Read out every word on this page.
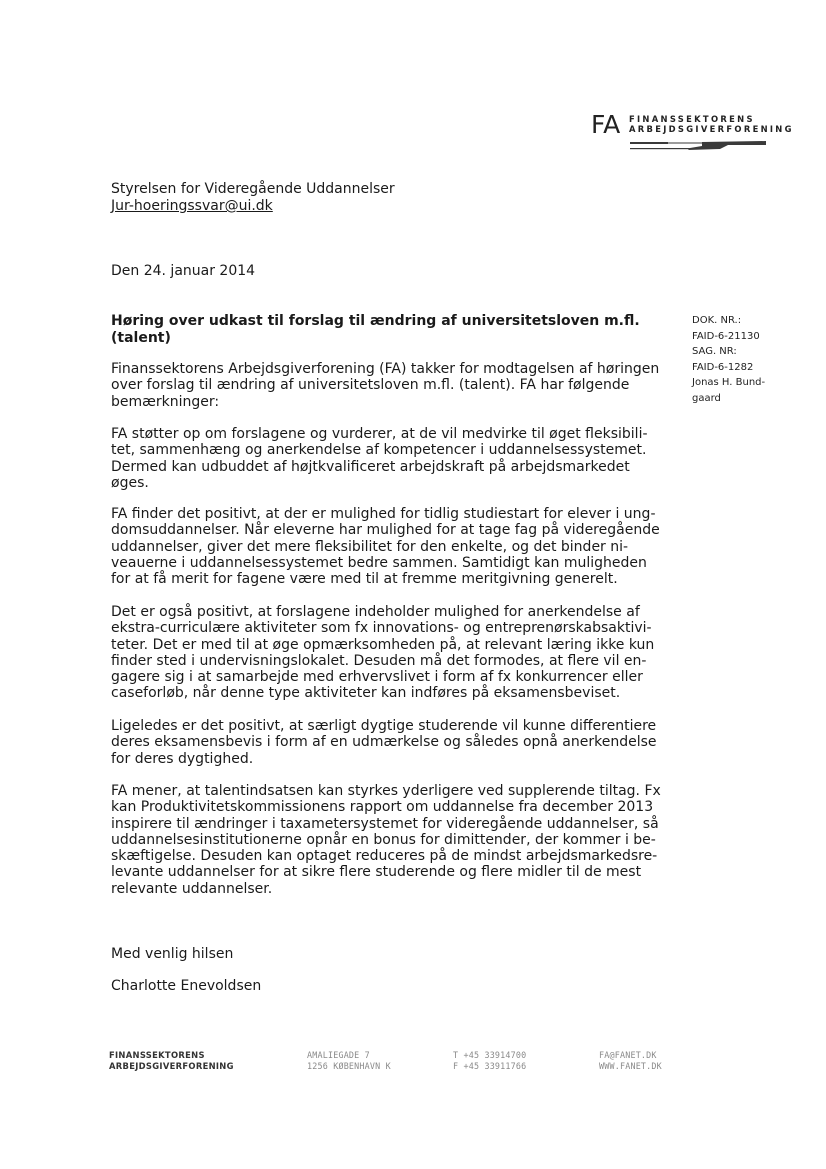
FA FINANSSEKTORENS
ARBEJDSGIVERFORENING
Styrelsen for Videregående Uddannelser
Jur-hoeringssvar@ui.dk
Den 24. januar 2014
DOK. NR.:
FAID-6-21130
SAG. NR:
FAID-6-1282
Jonas H. Bund-
gaard
Høring over udkast til forslag til ændring af universitetsloven m.fl.
(talent)
Finanssektorens Arbejdsgiverforening (FA) takker for modtagelsen af høringen
over forslag til ændring af universitetsloven m.fl. (talent). FA har følgende
bemærkninger:
FA støtter op om forslagene og vurderer, at de vil medvirke til øget fleksibili-
tet, sammenhæng og anerkendelse af kompetencer i uddannelsessystemet.
Dermed kan udbuddet af højtkvalificeret arbejdskraft på arbejdsmarkedet
øges.
FA finder det positivt, at der er mulighed for tidlig studiestart for elever i ung-
domsuddannelser. Når eleverne har mulighed for at tage fag på videregående
uddannelser, giver det mere fleksibilitet for den enkelte, og det binder ni-
veauerne i uddannelsessystemet bedre sammen. Samtidigt kan muligheden
for at få merit for fagene være med til at fremme meritgivning generelt.
Det er også positivt, at forslagene indeholder mulighed for anerkendelse af
ekstra-curriculære aktiviteter som fx innovations- og entreprenørskabsaktivi-
teter. Det er med til at øge opmærksomheden på, at relevant læring ikke kun
finder sted i undervisningslokalet. Desuden må det formodes, at flere vil en-
gagere sig i at samarbejde med erhvervslivet i form af fx konkurrencer eller
caseforløb, når denne type aktiviteter kan indføres på eksamensbeviset.
Ligeledes er det positivt, at særligt dygtige studerende vil kunne differentiere
deres eksamensbevis i form af en udmærkelse og således opnå anerkendelse
for deres dygtighed.
FA mener, at talentindsatsen kan styrkes yderligere ved supplerende tiltag. Fx
kan Produktivitetskommissionens rapport om uddannelse fra december 2013
inspirere til ændringer i taxametersystemet for videregående uddannelser, så
uddannelsesinstitutionerne opnår en bonus for dimittender, der kommer i be-
skæftigelse. Desuden kan optaget reduceres på de mindst arbejdsmarkedsre-
levante uddannelser for at sikre flere studerende og flere midler til de mest
relevante uddannelser.
Med venlig hilsen
Charlotte Enevoldsen
FINANSSEKTORENS
ARBEJDSGIVERFORENING
AMALIEGADE 7
1256 KØBENHAVN K
T +45 33914700
F +45 33911766
FA@FANET.DK
WWW.FANET.DK
